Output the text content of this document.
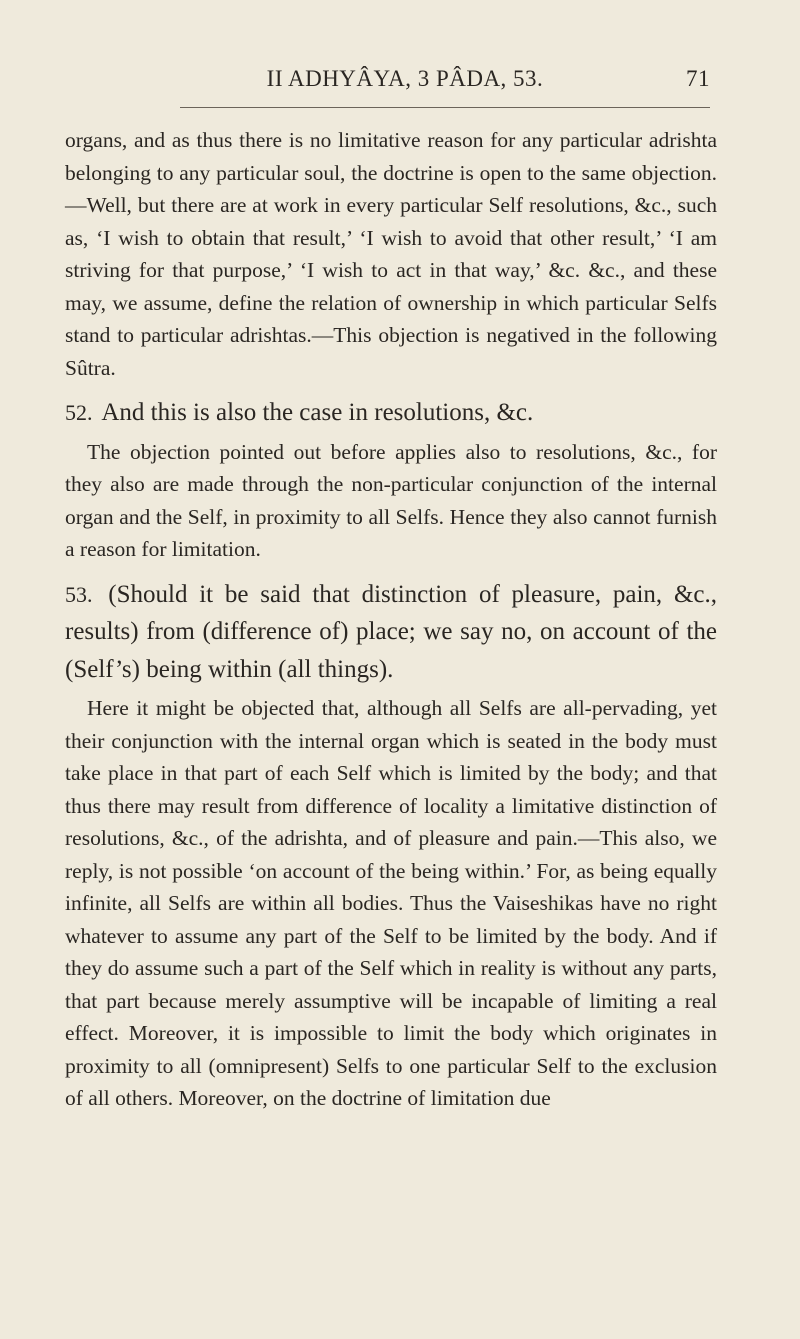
II ADHYÂYA, 3 PÂDA, 53.	71

organs, and as thus there is no limitative reason for any particular adrishta belonging to any particular soul, the doctrine is open to the same objection.—Well, but there are at work in every particular Self resolutions, &c., such as, ‘I wish to obtain that result,’ ‘I wish to avoid that other result,’ ‘I am striving for that purpose,’ ‘I wish to act in that way,’ &c. &c., and these may, we assume, define the relation of ownership in which particular Selfs stand to particular adrishtas.—This objection is negatived in the following Sûtra.

52. And this is also the case in resolutions, &c.

The objection pointed out before applies also to resolutions, &c., for they also are made through the non-particular conjunction of the internal organ and the Self, in proximity to all Selfs. Hence they also cannot furnish a reason for limitation.

53. (Should it be said that distinction of pleasure, pain, &c., results) from (difference of) place; we say no, on account of the (Self’s) being within (all things).

Here it might be objected that, although all Selfs are all-pervading, yet their conjunction with the internal organ which is seated in the body must take place in that part of each Self which is limited by the body; and that thus there may result from difference of locality a limitative distinction of resolutions, &c., of the adrishta, and of pleasure and pain.—This also, we reply, is not possible ‘on account of the being within.’ For, as being equally infinite, all Selfs are within all bodies. Thus the Vaiseshikas have no right whatever to assume any part of the Self to be limited by the body. And if they do assume such a part of the Self which in reality is without any parts, that part because merely assumptive will be incapable of limiting a real effect. Moreover, it is impossible to limit the body which originates in proximity to all (omnipresent) Selfs to one particular Self to the exclusion of all others. Moreover, on the doctrine of limitation due
